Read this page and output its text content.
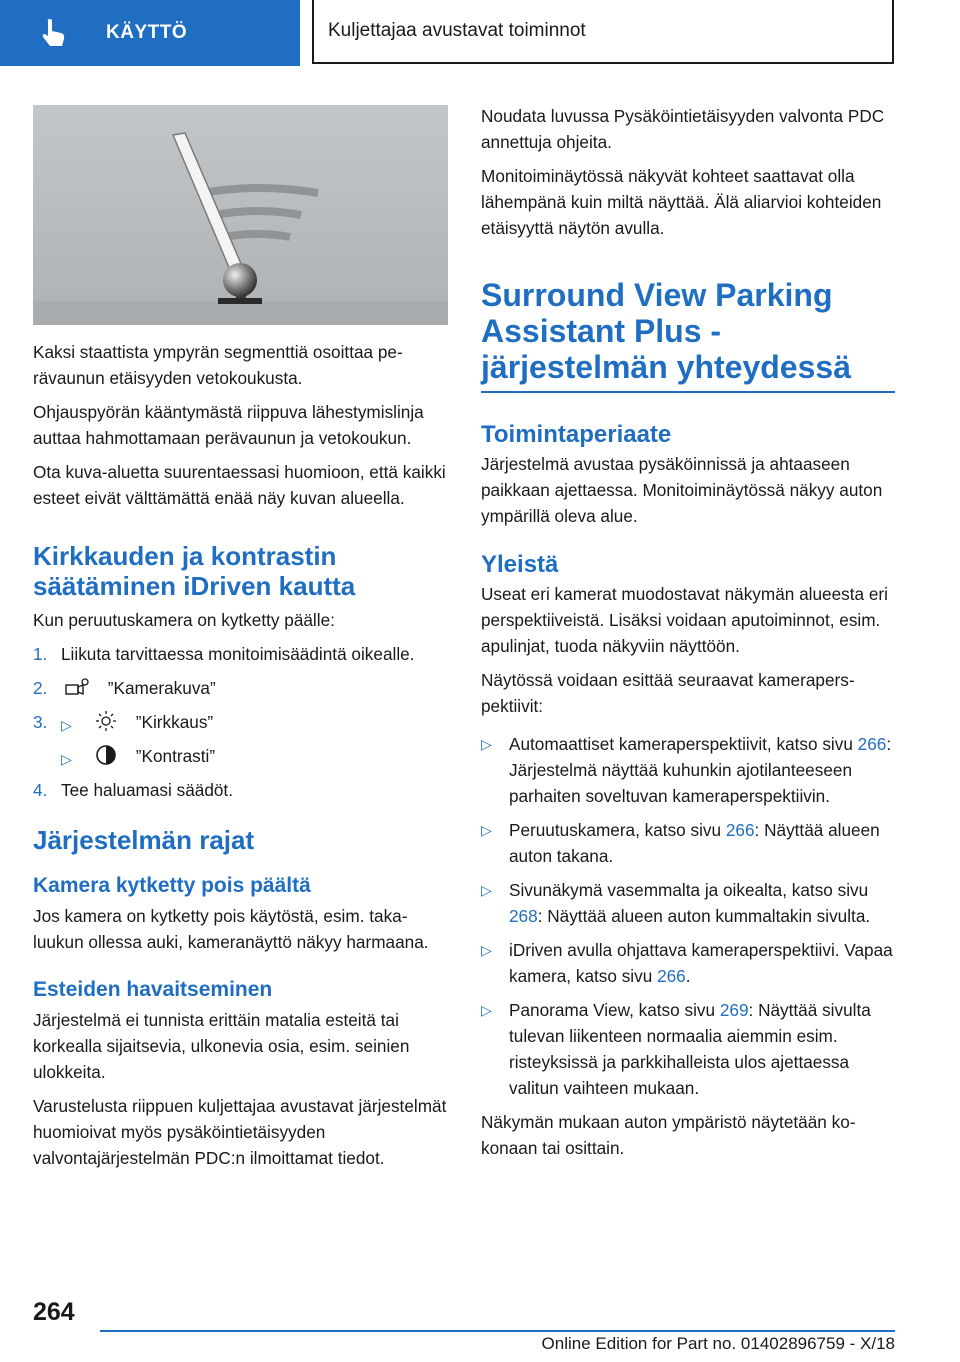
KÄYTTÖ	Kuljettajaa avustavat toiminnot

Kaksi staattista ympyrän segmenttiä osoittaa perävaunun etäisyyden vetokoukusta.

Ohjauspyörän kääntymästä riippuva lähestymislinja auttaa hahmottamaan perävaunun ja vetokoukun.

Ota kuva-aluetta suurentaessasi huomioon, että kaikki esteet eivät välttämättä enää näy kuvan alueella.

Kirkkauden ja kontrastin säätäminen iDriven kautta

Kun peruutuskamera on kytketty päälle:

1. Liikuta tarvittaessa monitoimisäädintä oikealle.
2.	”Kamerakuva”
3. ▷	”Kirkkaus”
▷	”Kontrasti”
4. Tee haluamasi säädöt.
Järjestelmän rajat
Kamera kytketty pois päältä

Jos kamera on kytketty pois käytöstä, esim. takaluukun ollessa auki, kameranäyttö näkyy harmaana.

Esteiden havaitseminen

Järjestelmä ei tunnista erittäin matalia esteitä tai korkealla sijaitsevia, ulkonevia osia, esim. seinien ulokkeita.

Varustelusta riippuen kuljettajaa avustavat järjestelmät huomioivat myös pysäköintietäisyyden valvontajärjestelmän PDC:n ilmoittamat tiedot.

Noudata luvussa Pysäköintietäisyyden valvonta PDC annettuja ohjeita.

Monitoiminäytössä näkyvät kohteet saattavat olla lähempänä kuin miltä näyttää. Älä aliarvioi kohteiden etäisyyttä näytön avulla.

Surround View Parking Assistant Plus -järjestelmän yhteydessä
Toimintaperiaate

Järjestelmä avustaa pysäköinnissä ja ahtaaseen paikkaan ajettaessa. Monitoiminäytössä näkyy auton ympärillä oleva alue.

Yleistä

Useat eri kamerat muodostavat näkymän alueesta eri perspektiiveistä. Lisäksi voidaan aputoiminnot, esim. apulinjat, tuoda näkyviin näyttöön.

Näytössä voidaan esittää seuraavat kameraperspektiivit:

▷ Automaattiset kameraperspektiivit, katso sivu 266: Järjestelmä näyttää kuhunkin ajotilanteeseen parhaiten soveltuvan kameraperspektiivin.
▷ Peruutuskamera, katso sivu 266: Näyttää alueen auton takana.
▷ Sivunäkymä vasemmalta ja oikealta, katso sivu 268: Näyttää alueen auton kummaltakin sivulta.
▷ iDriven avulla ohjattava kameraperspektiivi. Vapaa kamera, katso sivu 266.
▷ Panorama View, katso sivu 269: Näyttää sivulta tulevan liikenteen normaalia aiemmin esim. risteyksissä ja parkkihalleista ulos ajettaessa valitun vaihteen mukaan.

Näkymän mukaan auton ympäristö näytetään kokonaan tai osittain.

264
Online Edition for Part no. 01402896759 - X/18
